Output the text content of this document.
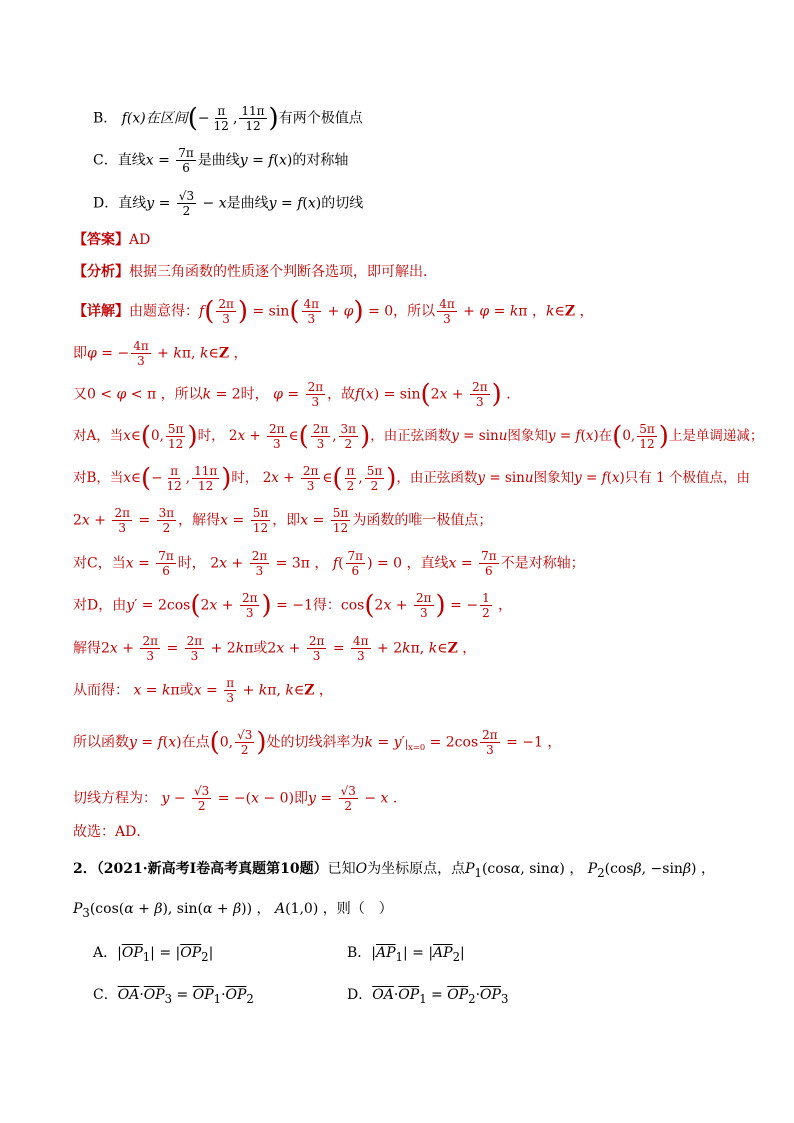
B． f(x)在区间(− $\frac{\pi}{12}$ , $\frac{11\pi}{12}$ )有两个极值点
C．直线$x = \frac{7\pi}{6}$ 是曲线y = f(x)的对称轴
D．直线$y = \frac{√3}{2} - x$是曲线y = f(x)的切线
【答案】AD
【分析】根据三角函数的性质逐个判断各选项，即可解出．
【详解】由题意得：$f( \frac{2\pi}{3}$ ) = $\sin( \frac{4\pi}{3} + \varphi) = 0$，所以 $\frac{4\pi}{3} + \varphi = k\pi$ ，k∈Z ，
即φ = − $\frac{4\pi}{3} + k\pi$, k∈Z ，
又0 < φ < π ，所以k = 2时， $\varphi = \frac{2\pi}{3}$ ，故$f(x) = \sin(2x + \frac{2\pi}{3}$ ) .
对A，当x∈(0, $\frac{5\pi}{12}$ )时， $2x + \frac{2\pi}{3}$ ∈( $\frac{2\pi}{3}$ , $\frac{3\pi}{2}$ )，由正弦函数y = sinu图象知y = f(x)在(0, $\frac{5\pi}{12}$ )上是单调递减；
对B，当x∈(− $\frac{\pi}{12}$ , $\frac{11\pi}{12}$ )时， $2x + \frac{2\pi}{3}$ ∈( $\frac{\pi}{2}$ , $\frac{5\pi}{2}$ )，由正弦函数y = sinu图象知y = f(x)只有 1 个极值点，由
$2x + \frac{2\pi}{3} = \frac{3\pi}{2}$ ，解得$x = \frac{5\pi}{12}$ ，即$x = \frac{5\pi}{12}$ 为函数的唯一极值点；
对C，当$x = \frac{7\pi}{6}$ 时， $2x + \frac{2\pi}{3} = 3\pi$ ， $f( \frac{7\pi}{6}$ ) = 0 ，直线$x = \frac{7\pi}{6}$ 不是对称轴；
对D，由$y' = 2\cos(2x + \frac{2\pi}{3}$ ) = −1得：$\cos(2x + \frac{2\pi}{3}$ ) = − $\frac{1}{2}$ ，
解得$2x + \frac{2\pi}{3} = \frac{2\pi}{3} + 2k\pi$或$2x + \frac{2\pi}{3} = \frac{4\pi}{3} + 2k\pi$, k∈Z ，
从而得： x = kπ或$x = \frac{\pi}{3} + k\pi$, k∈Z ，
所以函数y = f(x)在点(0, $\frac{√3}{2}$ )处的切线斜率为$k = y'|_{x=0} = 2\cos \frac{2\pi}{3} = -1$ ，
切线方程为： $y - \frac{√3}{2} = -(x - 0)$即$y = \frac{√3}{2} - x$ .
故选：AD．
2．（2021·新高考Ⅰ卷高考真题第10题）已知O为坐标原点，点$P_1(\cos\alpha$, sinα) ， $P_2(\cos\beta$, −sinβ) ，
$P_3(\cos(\alpha + \beta)$, sin(α + β)) ， A(1,0) ，则（　）
A．$|\overline{OP}_1| = |\overline{OP}_2|$	B．$|\overline{AP}_1| = |\overline{AP}_2|$
C．$\overline{OA}\cdot\overline{OP}_3 = \overline{OP}_1\cdot\overline{OP}_2$	D．$\overline{OA}\cdot\overline{OP}_1 = \overline{OP}_2\cdot\overline{OP}_3$
